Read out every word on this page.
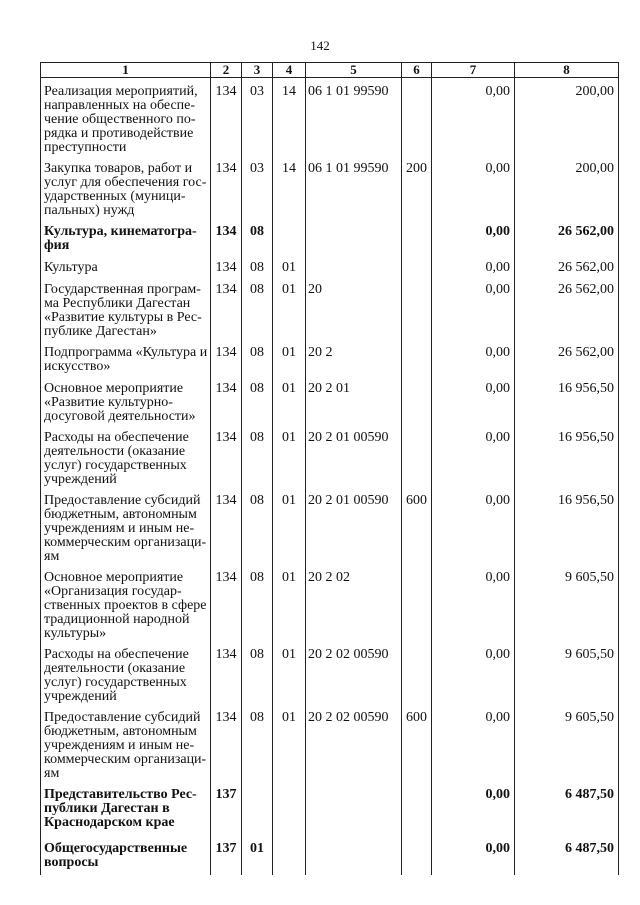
142
1	2	3	4	5	6	7	8
Реализация мероприятий, направленных на обеспе-чение общественного по-рядка и противодействие преступности	134	03	14	06 1 01 99590		0,00	200,00
Закупка товаров, работ и услуг для обеспечения гос-ударственных (муници-пальных) нужд	134	03	14	06 1 01 99590	200	0,00	200,00
Культура, кинематогра-фия	134	08				0,00	26 562,00
Культура	134	08	01			0,00	26 562,00
Государственная програм-ма Республики Дагестан «Развитие культуры в Рес-публике Дагестан»	134	08	01	20		0,00	26 562,00
Подпрограмма «Культура и искусство»	134	08	01	20 2		0,00	26 562,00
Основное мероприятие «Развитие культурно-досуговой деятельности»	134	08	01	20 2 01		0,00	16 956,50
Расходы на обеспечение деятельности (оказание услуг) государственных учреждений	134	08	01	20 2 01 00590		0,00	16 956,50
Предоставление субсидий бюджетным, автономным учреждениям и иным не-коммерческим организаци-ям	134	08	01	20 2 01 00590	600	0,00	16 956,50
Основное мероприятие «Организация государ-ственных проектов в сфере традиционной народной культуры»	134	08	01	20 2 02		0,00	9 605,50
Расходы на обеспечение деятельности (оказание услуг) государственных учреждений	134	08	01	20 2 02 00590		0,00	9 605,50
Предоставление субсидий бюджетным, автономным учреждениям и иным не-коммерческим организаци-ям	134	08	01	20 2 02 00590	600	0,00	9 605,50
Представительство Рес-публики Дагестан в Краснодарском крае	137					0,00	6 487,50
Общегосударственные вопросы	137	01				0,00	6 487,50
